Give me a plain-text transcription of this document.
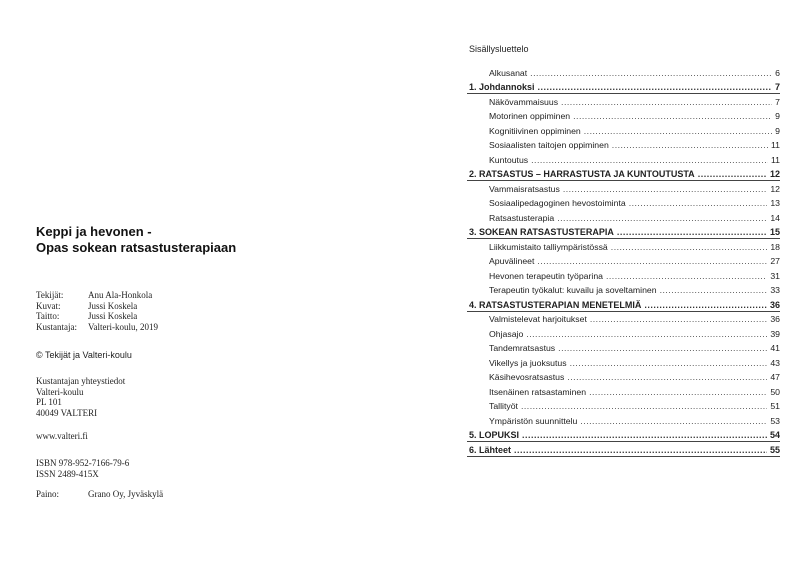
Keppi ja hevonen -
Opas sokean ratsastusterapiaan
Tekijät:	Anu Ala-Honkola
Kuvat:	Jussi Koskela
Taitto:	Jussi Koskela
Kustantaja: Valteri-koulu, 2019
© Tekijät ja Valteri-koulu
Kustantajan yhteystiedot
Valteri-koulu
PL 101
40049 VALTERI
www.valteri.fi
ISBN 978-952-7166-79-6
ISSN 2489-415X
Paino:	Grano Oy, Jyväskylä
Sisällysluettelo
Alkusanat .....	6
1. Johdannoksi .....	7
Näkövammaisuus .....	7
Motorinen oppiminen .....	9
Kognitiivinen oppiminen .....	9
Sosiaalisten taitojen oppiminen .....	11
Kuntoutus .....	11
2. RATSASTUS – HARRASTUSTA JA KUNTOUTUSTA .....	12
Vammaisratsastus .....	12
Sosiaalipedagoginen hevostoiminta .....	13
Ratsastusterapia .....	14
3. SOKEAN RATSASTUSTERAPIA .....	15
Liikkumistaito talliympäristössä .....	18
Apuvälineet .....	27
Hevonen terapeutin työparina .....	31
Terapeutin työkalut: kuvailu ja soveltaminen .....	33
4. RATSASTUSTERAPIAN MENETELMIÄ .....	36
Valmistelevat harjoitukset .....	36
Ohjasajo .....	39
Tandemratsastus .....	41
Vikellys ja juoksutus .....	43
Käsihevosratsastus .....	47
Itsenäinen ratsastaminen .....	50
Tallityöt .....	51
Ympäristön suunnittelu .....	53
5. LOPUKSI .....	54
6. Lähteet .....	55
